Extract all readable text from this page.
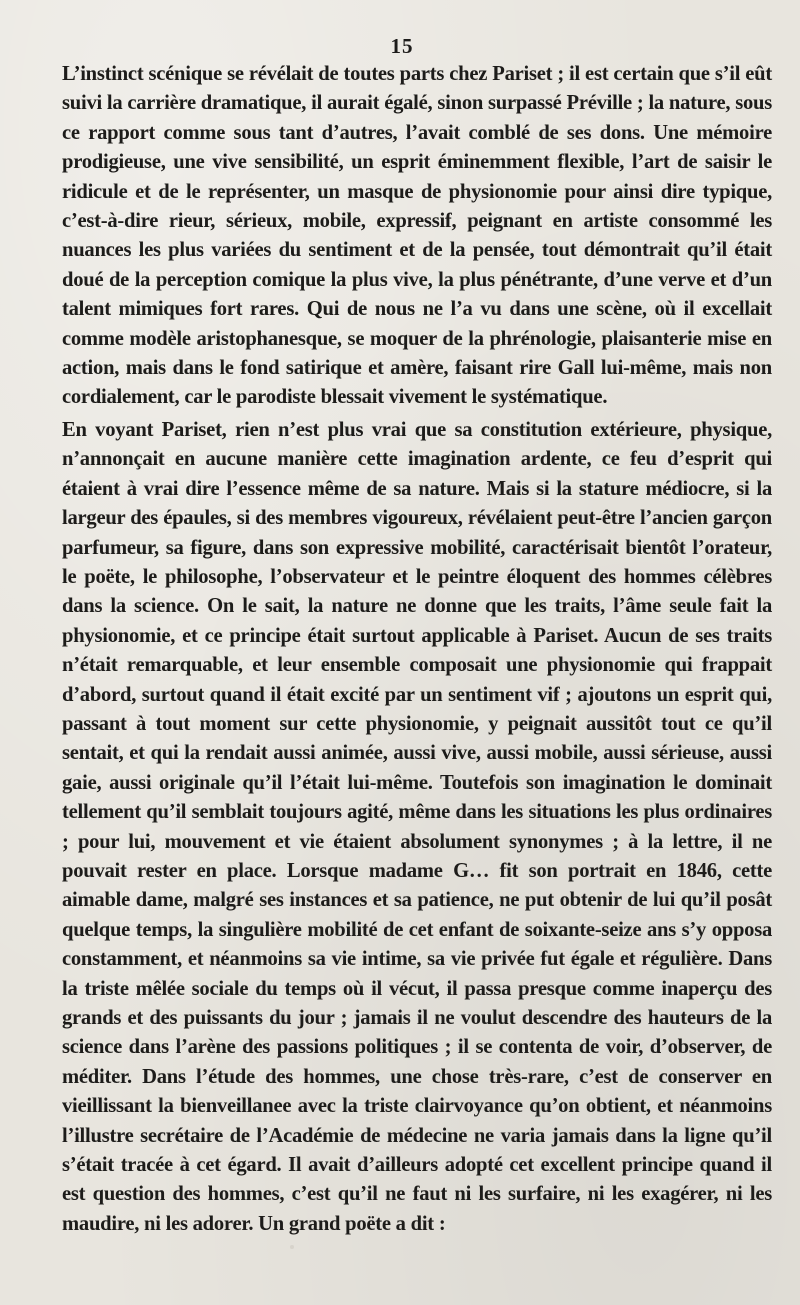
15

L’instinct scénique se révélait de toutes parts chez Pariset ; il est certain que s’il eût suivi la carrière dramatique, il aurait égalé, sinon surpassé Préville ; la nature, sous ce rapport comme sous tant d’autres, l’avait comblé de ses dons. Une mémoire prodigieuse, une vive sensibilité, un esprit éminemment flexible, l’art de saisir le ridicule et de le représenter, un masque de physionomie pour ainsi dire typique, c’est-à-dire rieur, sérieux, mobile, expressif, peignant en artiste consommé les nuances les plus variées du sentiment et de la pensée, tout démontrait qu’il était doué de la perception comique la plus vive, la plus pénétrante, d’une verve et d’un talent mimiques fort rares. Qui de nous ne l’a vu dans une scène, où il excellait comme modèle aristophanesque, se moquer de la phrénologie, plaisanterie mise en action, mais dans le fond satirique et amère, faisant rire Gall lui-même, mais non cordialement, car le parodiste blessait vivement le systématique.

En voyant Pariset, rien n’est plus vrai que sa constitution extérieure, physique, n’annonçait en aucune manière cette imagination ardente, ce feu d’esprit qui étaient à vrai dire l’essence même de sa nature. Mais si la stature médiocre, si la largeur des épaules, si des membres vigoureux, révélaient peut-être l’ancien garçon parfumeur, sa figure, dans son expressive mobilité, caractérisait bientôt l’orateur, le poëte, le philosophe, l’observateur et le peintre éloquent des hommes célèbres dans la science. On le sait, la nature ne donne que les traits, l’âme seule fait la physionomie, et ce principe était surtout applicable à Pariset. Aucun de ses traits n’était remarquable, et leur ensemble composait une physionomie qui frappait d’abord, surtout quand il était excité par un sentiment vif ; ajoutons un esprit qui, passant à tout moment sur cette physionomie, y peignait aussitôt tout ce qu’il sentait, et qui la rendait aussi animée, aussi vive, aussi mobile, aussi sérieuse, aussi gaie, aussi originale qu’il l’était lui-même. Toutefois son imagination le dominait tellement qu’il semblait toujours agité, même dans les situations les plus ordinaires ; pour lui, mouvement et vie étaient absolument synonymes ; à la lettre, il ne pouvait rester en place. Lorsque madame G… fit son portrait en 1846, cette aimable dame, malgré ses instances et sa patience, ne put obtenir de lui qu’il posât quelque temps, la singulière mobilité de cet enfant de soixante-seize ans s’y opposa constamment, et néanmoins sa vie intime, sa vie privée fut égale et régulière. Dans la triste mêlée sociale du temps où il vécut, il passa presque comme inaperçu des grands et des puissants du jour ; jamais il ne voulut descendre des hauteurs de la science dans l’arène des passions politiques ; il se contenta de voir, d’observer, de méditer. Dans l’étude des hommes, une chose très-rare, c’est de conserver en vieillissant la bienveillanee avec la triste clairvoyance qu’on obtient, et néanmoins l’illustre secrétaire de l’Académie de médecine ne varia jamais dans la ligne qu’il s’était tracée à cet égard. Il avait d’ailleurs adopté cet excellent principe quand il est question des hommes, c’est qu’il ne faut ni les surfaire, ni les exagérer, ni les maudire, ni les adorer. Un grand poëte a dit :
